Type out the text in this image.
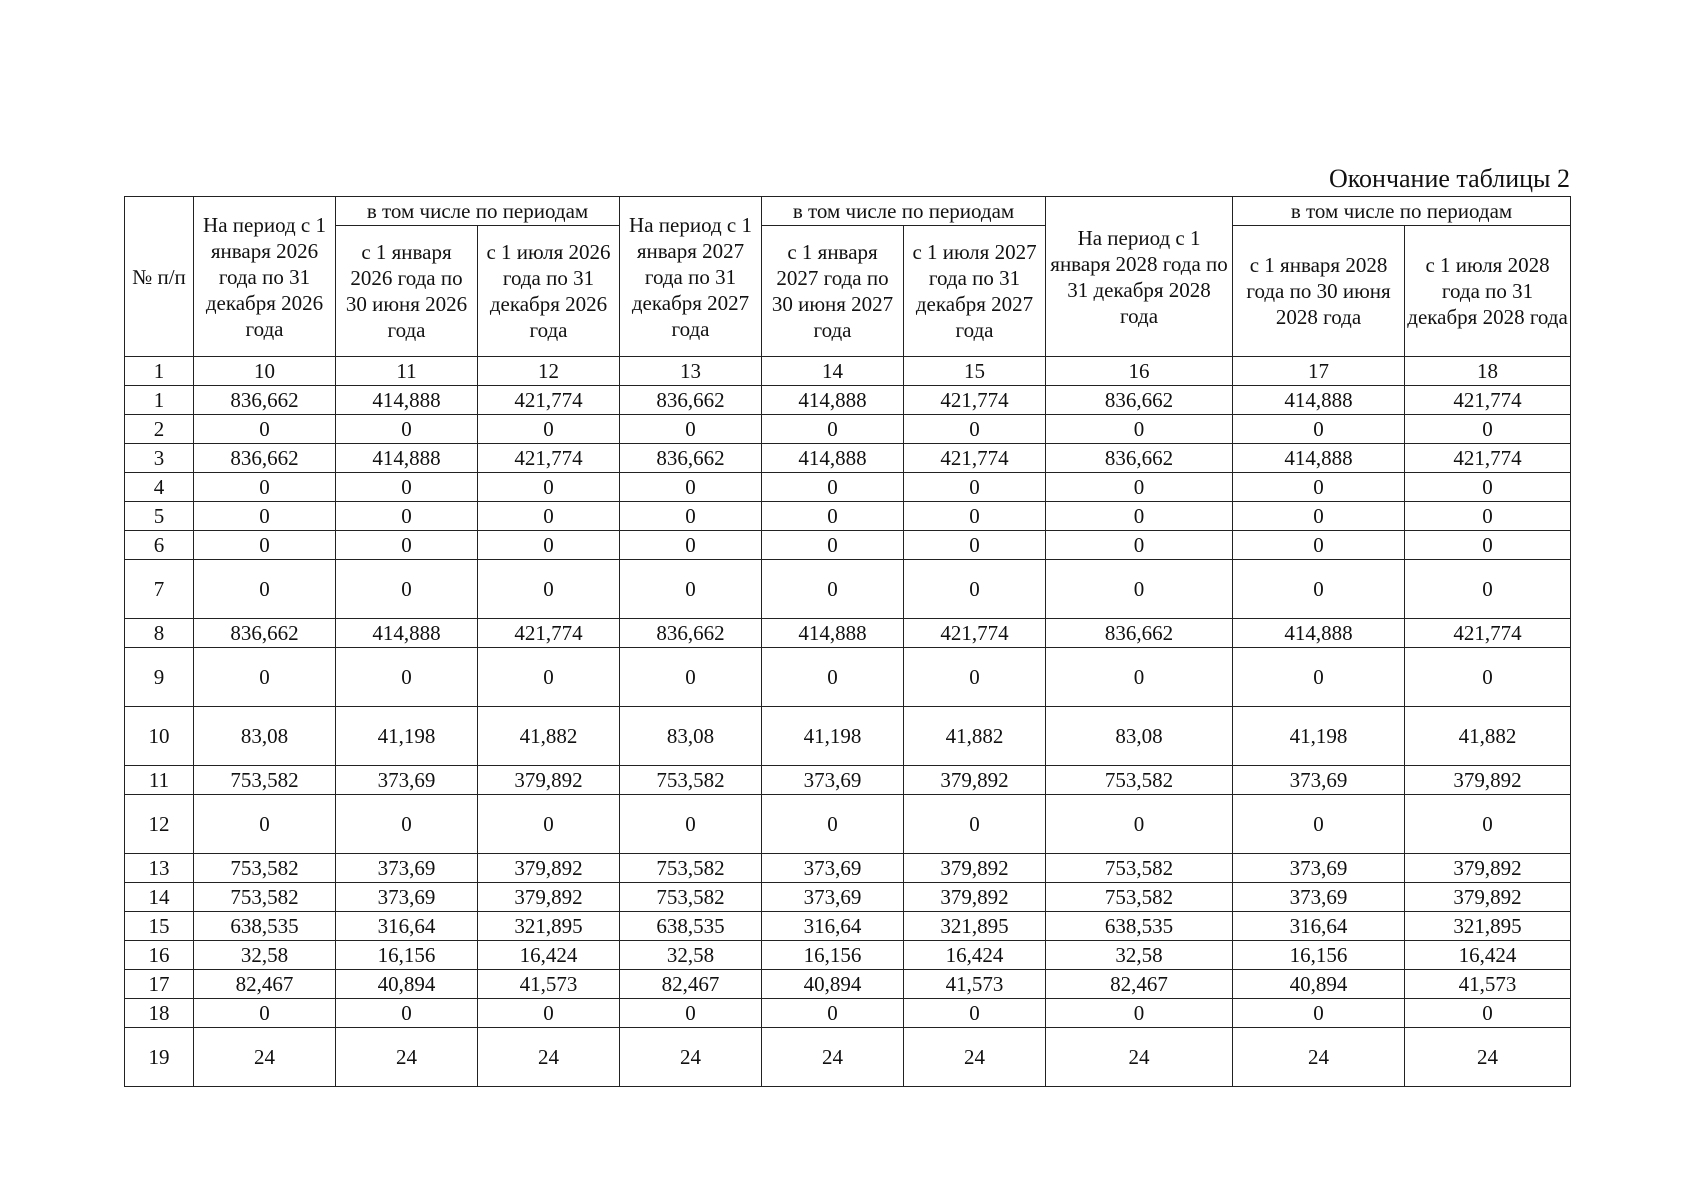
Окончание таблицы 2
№ п/п	На период с 1 января 2026 года по 31 декабря 2026 года	в том числе по периодам		На период с 1 января 2027 года по 31 декабря 2027 года	в том числе по периодам		На период с 1 января 2028 года по 31 декабря 2028 года	в том числе по периодам	
		с 1 января 2026 года по 30 июня 2026 года	с 1 июля 2026 года по 31 декабря 2026 года		с 1 января 2027 года по 30 июня 2027 года	с 1 июля 2027 года по 31 декабря 2027 года		с 1 января 2028 года по 30 июня 2028 года	с 1 июля 2028 года по 31 декабря 2028 года
1	10	11	12	13	14	15	16	17	18
1	836,662	414,888	421,774	836,662	414,888	421,774	836,662	414,888	421,774
2	0	0	0	0	0	0	0	0	0
3	836,662	414,888	421,774	836,662	414,888	421,774	836,662	414,888	421,774
4	0	0	0	0	0	0	0	0	0
5	0	0	0	0	0	0	0	0	0
6	0	0	0	0	0	0	0	0	0
7	0	0	0	0	0	0	0	0	0
8	836,662	414,888	421,774	836,662	414,888	421,774	836,662	414,888	421,774
9	0	0	0	0	0	0	0	0	0
10	83,08	41,198	41,882	83,08	41,198	41,882	83,08	41,198	41,882
11	753,582	373,69	379,892	753,582	373,69	379,892	753,582	373,69	379,892
12	0	0	0	0	0	0	0	0	0
13	753,582	373,69	379,892	753,582	373,69	379,892	753,582	373,69	379,892
14	753,582	373,69	379,892	753,582	373,69	379,892	753,582	373,69	379,892
15	638,535	316,64	321,895	638,535	316,64	321,895	638,535	316,64	321,895
16	32,58	16,156	16,424	32,58	16,156	16,424	32,58	16,156	16,424
17	82,467	40,894	41,573	82,467	40,894	41,573	82,467	40,894	41,573
18	0	0	0	0	0	0	0	0	0
19	24	24	24	24	24	24	24	24	24
